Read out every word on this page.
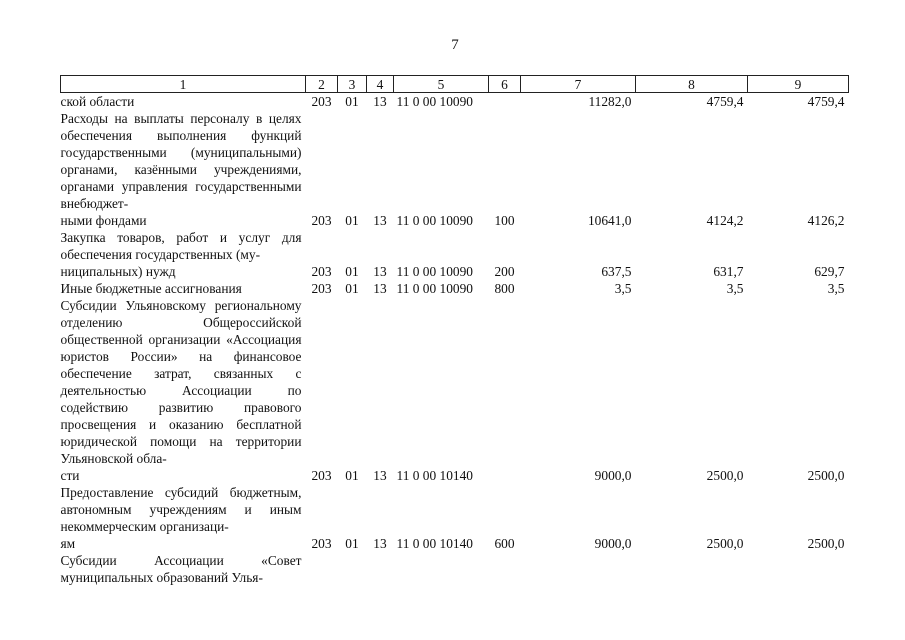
7
1	2	3	4	5	6	7	8	9

ской области	203	01	13	11 0 00 10090		11282,0	4759,4	4759,4
Расходы на выплаты персоналу в целях обеспечения выполнения функций государственными (муниципальными) органами, казёнными учреждениями, органами управления государственными внебюджет-
ными фондами	203	01	13	11 0 00 10090	100	10641,0	4124,2	4126,2
Закупка товаров, работ и услуг для обеспечения государственных (му-
ниципальных) нужд	203	01	13	11 0 00 10090	200	637,5	631,7	629,7

Иные бюджетные ассигнования	203	01	13	11 0 00 10090	800	3,5	3,5	3,5
Субсидии Ульяновскому региональному отделению Общероссийской общественной организации «Ассоциация юристов России» на финансовое обеспечение затрат, связанных с деятельностью Ассоциации по содействию развитию правового просвещения и оказанию бесплатной юридической помощи на территории Ульяновской обла-
сти	203	01	13	11 0 00 10140		9000,0	2500,0	2500,0
Предоставление субсидий бюджетным, автономным учреждениям и иным некоммерческим организаци-
ям	203	01	13	11 0 00 10140	600	9000,0	2500,0	2500,0
Субсидии Ассоциации «Совет муниципальных образований Улья-
